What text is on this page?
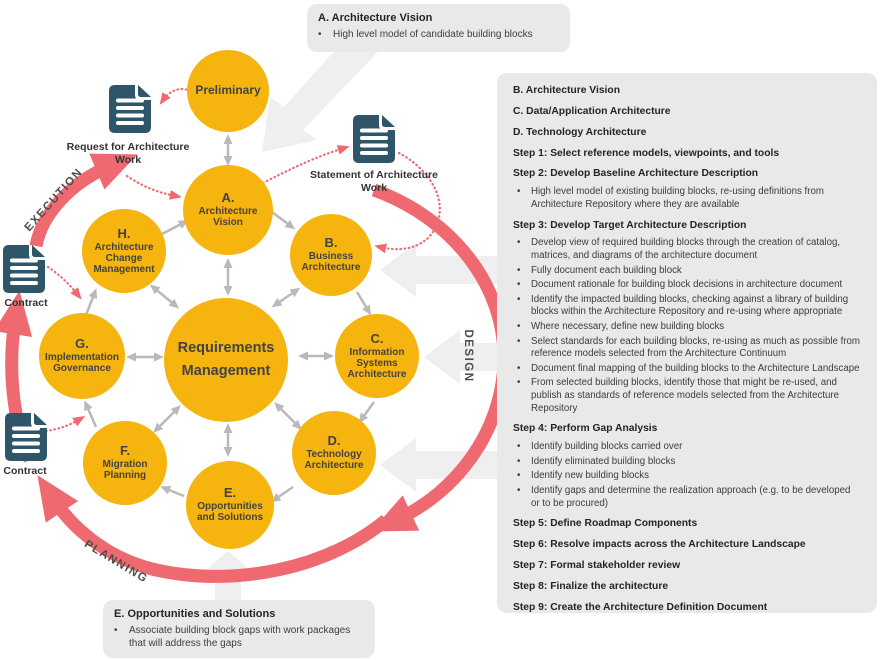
Preliminary
A.
Architecture Vision
B.
Business Architecture
C.
Information Systems Architecture
D.
Technology Architecture
E.
Opportunities and Solutions
F.
Migration Planning
G.
Implementation Governance
H.
Architecture Change Management
Requirements Management
Request for Architecture Work
Statement of Architecture Work
Contract
Contract
EXECUTION
DESIGN
PLANNING
A. Architecture Vision
•	High level model of candidate building blocks
E. Opportunities and Solutions
•	Associate building block gaps with work packages that will address the gaps
B. Architecture Vision
C. Data/Application Architecture
D. Technology Architecture
Step 1: Select reference models, viewpoints, and tools
Step 2: Develop Baseline Architecture Description
•	High level model of existing building blocks, re-using definitions from Architecture Repository where they are available
Step 3: Develop Target Architecture Description
•	Develop view of required building blocks through the creation of catalog, matrices, and diagrams of the architecture document
•	Fully document each building block
•	Document rationale for building block decisions in architecture document
•	Identify the impacted building blocks, checking against a library of building blocks within the Architecture Repository and re-using where appropriate
•	Where necessary, define new building blocks
•	Select standards for each building blocks, re-using as much as possible from reference models selected from the Architecture Continuum
•	Document final mapping of the building blocks to the Architecture Landscape
•	From selected building blocks, identify those that might be re-used, and publish as standards of reference models selected from the Architecture Repository
Step 4: Perform Gap Analysis
•	Identify building blocks carried over
•	Identify eliminated building blocks
•	Identify new building blocks
•	Identify gaps and determine the realization approach (e.g. to be developed or to be procured)
Step 5: Define Roadmap Components
Step 6: Resolve impacts across the Architecture Landscape
Step 7: Formal stakeholder review
Step 8: Finalize the architecture
Step 9: Create the Architecture Definition Document
